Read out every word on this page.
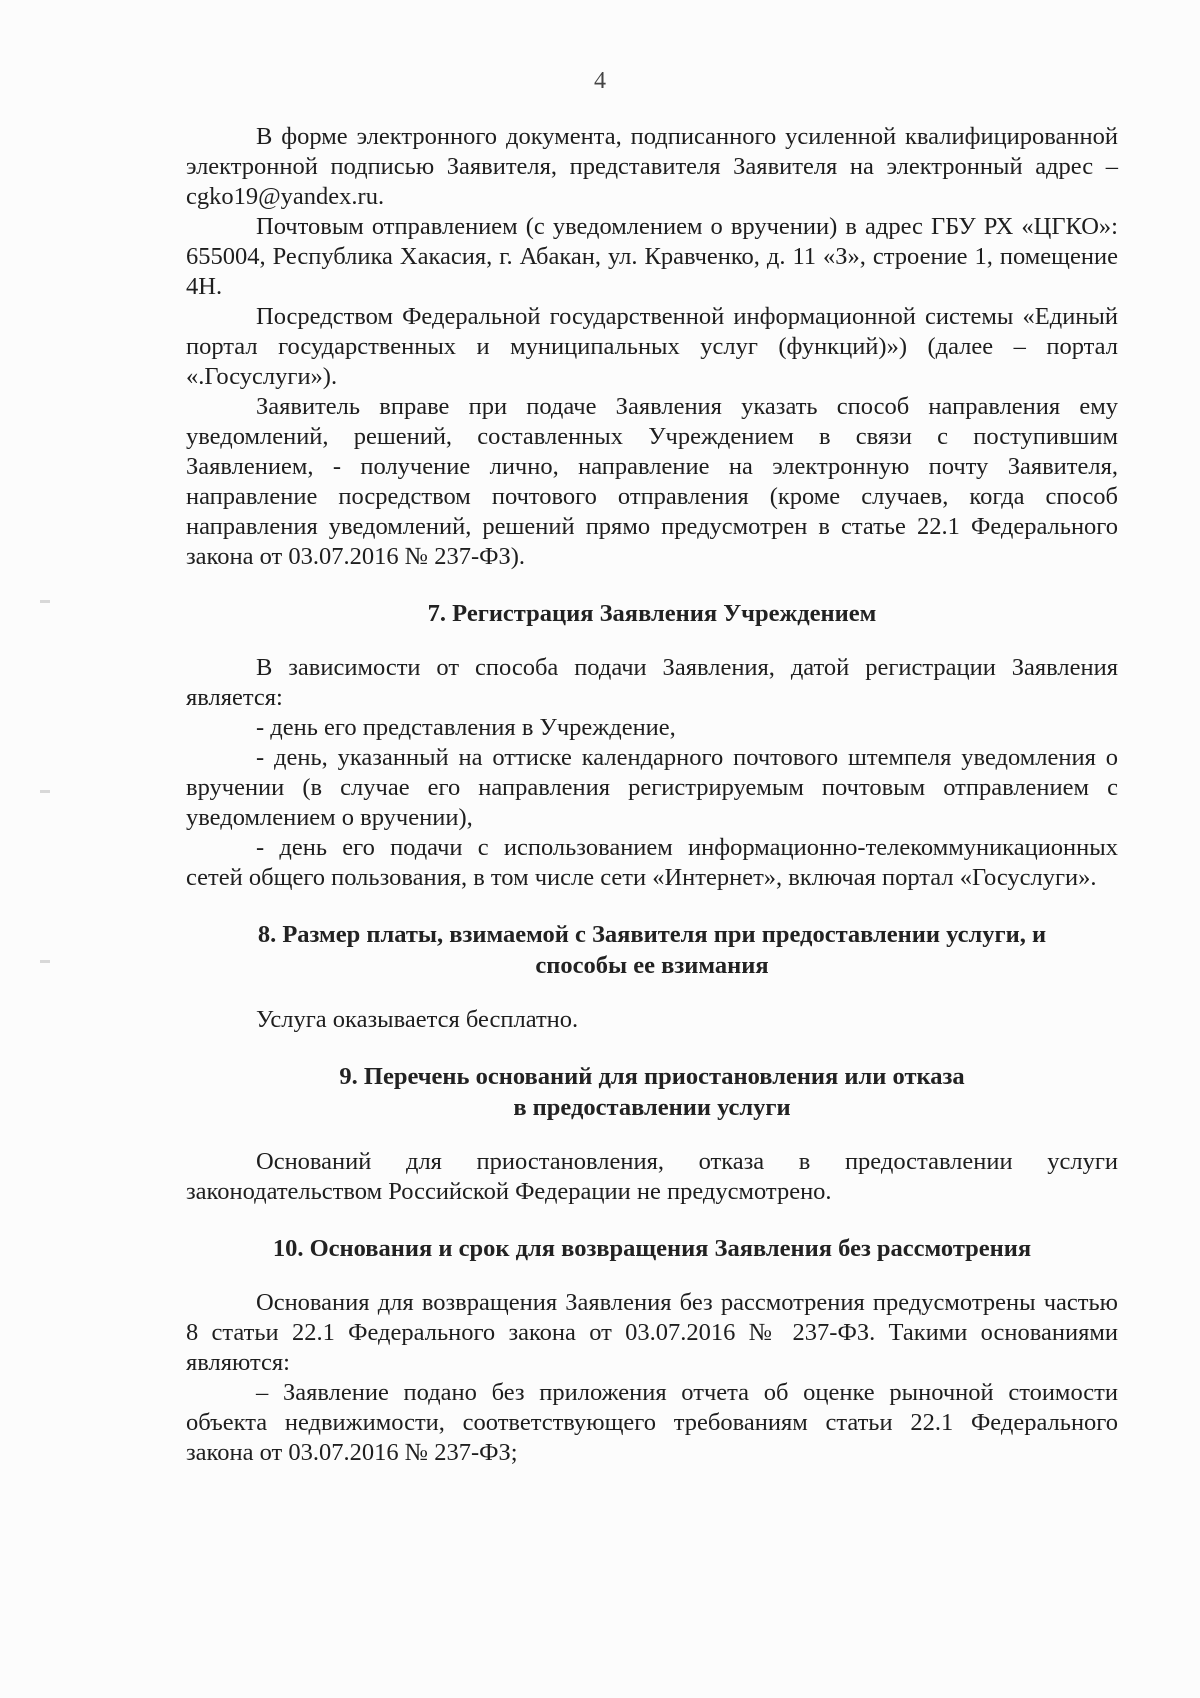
4

В форме электронного документа, подписанного усиленной квалифицированной электронной подписью Заявителя, представителя Заявителя на электронный адрес – cgko19@yandex.ru.

Почтовым отправлением (с уведомлением о вручении) в адрес ГБУ РХ «ЦГКО»: 655004, Республика Хакасия, г. Абакан, ул. Кравченко, д. 11 «З», строение 1, помещение 4Н.

Посредством Федеральной государственной информационной системы «Единый портал государственных и муниципальных услуг (функций)») (далее – портал «.Госуслуги»).

Заявитель вправе при подаче Заявления указать способ направления ему уведомлений, решений, составленных Учреждением в связи с поступившим Заявлением, - получение лично, направление на электронную почту Заявителя, направление посредством почтового отправления (кроме случаев, когда способ направления уведомлений, решений прямо предусмотрен в статье 22.1 Федерального закона от 03.07.2016 № 237-ФЗ).

7. Регистрация Заявления Учреждением

В зависимости от способа подачи Заявления, датой регистрации Заявления является:

- день его представления в Учреждение,

- день, указанный на оттиске календарного почтового штемпеля уведомления о вручении (в случае его направления регистрируемым почтовым отправлением с уведомлением о вручении),

- день его подачи с использованием информационно-телекоммуникационных сетей общего пользования, в том числе сети «Интернет», включая портал «Госуслуги».

8. Размер платы, взимаемой с Заявителя при предоставлении услуги, и
способы ее взимания

Услуга оказывается бесплатно.

9. Перечень оснований для приостановления или отказа
в предоставлении услуги

Оснований для приостановления, отказа в предоставлении услуги законодательством Российской Федерации не предусмотрено.

10. Основания и срок для возвращения Заявления без рассмотрения

Основания для возвращения Заявления без рассмотрения предусмотрены частью 8 статьи 22.1 Федерального закона от 03.07.2016 № 237-ФЗ. Такими основаниями являются:

– Заявление подано без приложения отчета об оценке рыночной стоимости объекта недвижимости, соответствующего требованиям статьи 22.1 Федерального закона от 03.07.2016 № 237-ФЗ;
